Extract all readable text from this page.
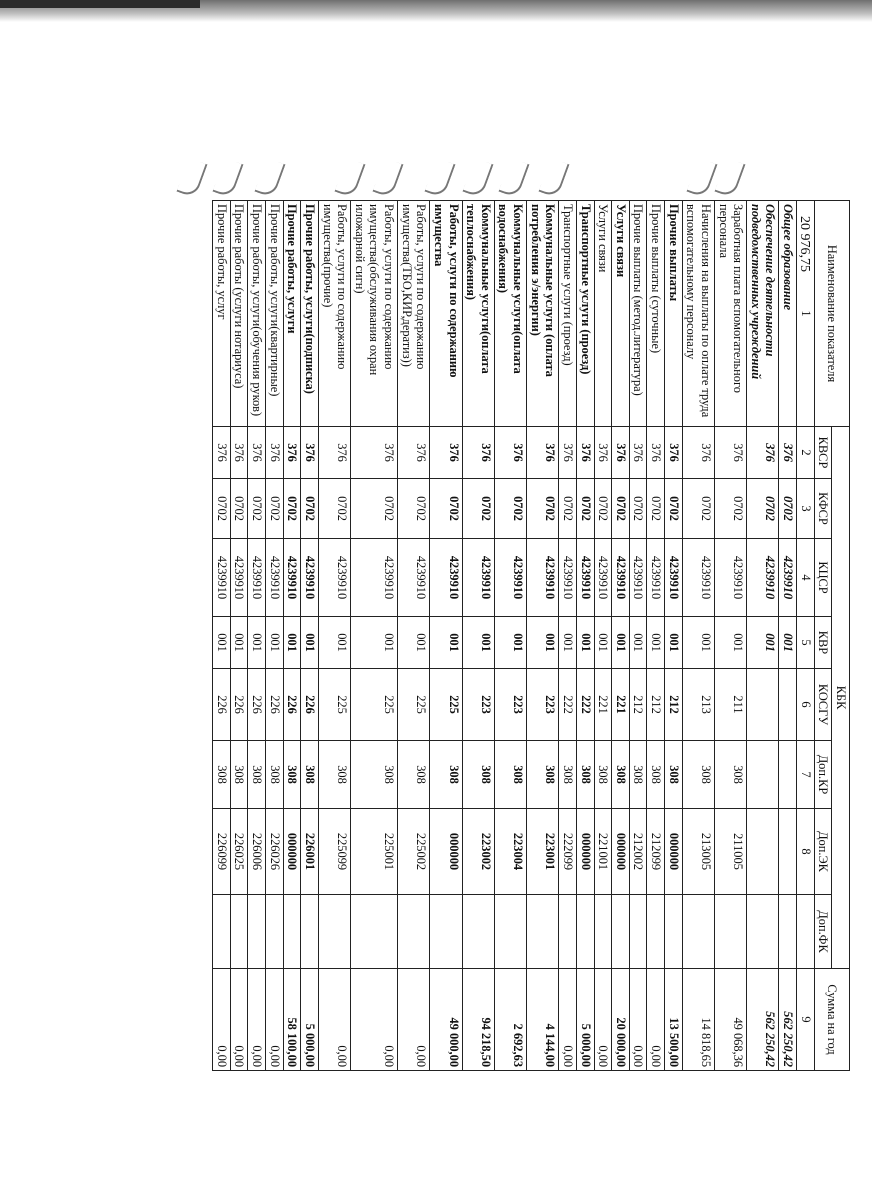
20 976,75
Наименование показателя	КБК								Сумма на год
	КВСР	КФСР	КЦСР	КВР	КОСГУ	Доп.КР	Доп.ЭК	Доп.ФК	
1	2	3	4	5	6	7	8		9
Общее образование	376	0702	4239910	001					562 250,42
Обеспечение деятельности подведомственных учреждений	376	0702	4239910	001					562 250,42
Заработная плата вспомогательного персонала	376	0702	4239910	001	211	308	211005		49 068,36
Начисления на выплаты по оплате труда вспомогательному персоналу	376	0702	4239910	001	213	308	213005		14 818,65
Прочие выплаты	376	0702	4239910	001	212	308	000000		13 500,00
Прочие выплаты (суточные)	376	0702	4239910	001	212	308	212099		0,00
Прочие выплаты (метод.литература)	376	0702	4239910	001	212	308	212002		0,00
Услуги связи	376	0702	4239910	001	221	308	000000		20 000,00
Услуги связи	376	0702	4239910	001	221	308	221001		0,00
Транспортные услуги (проезд)	376	0702	4239910	001	222	308	000000		5 000,00
Транспортные услуги (проезд)	376	0702	4239910	001	222	308	222099		0,00
Коммунальные услуги (оплата потребления э/энергии)	376	0702	4239910	001	223	308	223001		4 144,00
Коммунальные услуги(оплата водоснабжения)	376	0702	4239910	001	223	308	223004		2 692,63
Коммунальные услуги(оплата теплоснабжения)	376	0702	4239910	001	223	308	223002		94 218,50
Работы, услуги по содержанию имущества	376	0702	4239910	001	225	308	000000		49 000,00
Работы, услуги по содержанию имущества(ТБО,КИР,дератиз))	376	0702	4239910	001	225	308	225002		0,00
Работы, услуги по содержанию имущества(обслуживания охран иложарной сигн)	376	0702	4239910	001	225	308	225001		0,00
Работы, услуги по содержанию имущества(прочие)	376	0702	4239910	001	225	308	225099		0,00
Прочие работы, услуги(подписка)	376	0702	4239910	001	226	308	226001		5 000,00
Прочие работы, услуги	376	0702	4239910	001	226	308	000000		58 100,00
Прочие работы, услуги(квартирные)	376	0702	4239910	001	226	308	226026		0,00
Прочие работы, услуги(обучения руков)	376	0702	4239910	001	226	308	226006		0,00
Прочие работы (услуги нотариуса)	376	0702	4239910	001	226	308	226025		0,00
Прочие работы, услуг	376	0702	4239910	001	226	308	226099		0,00
